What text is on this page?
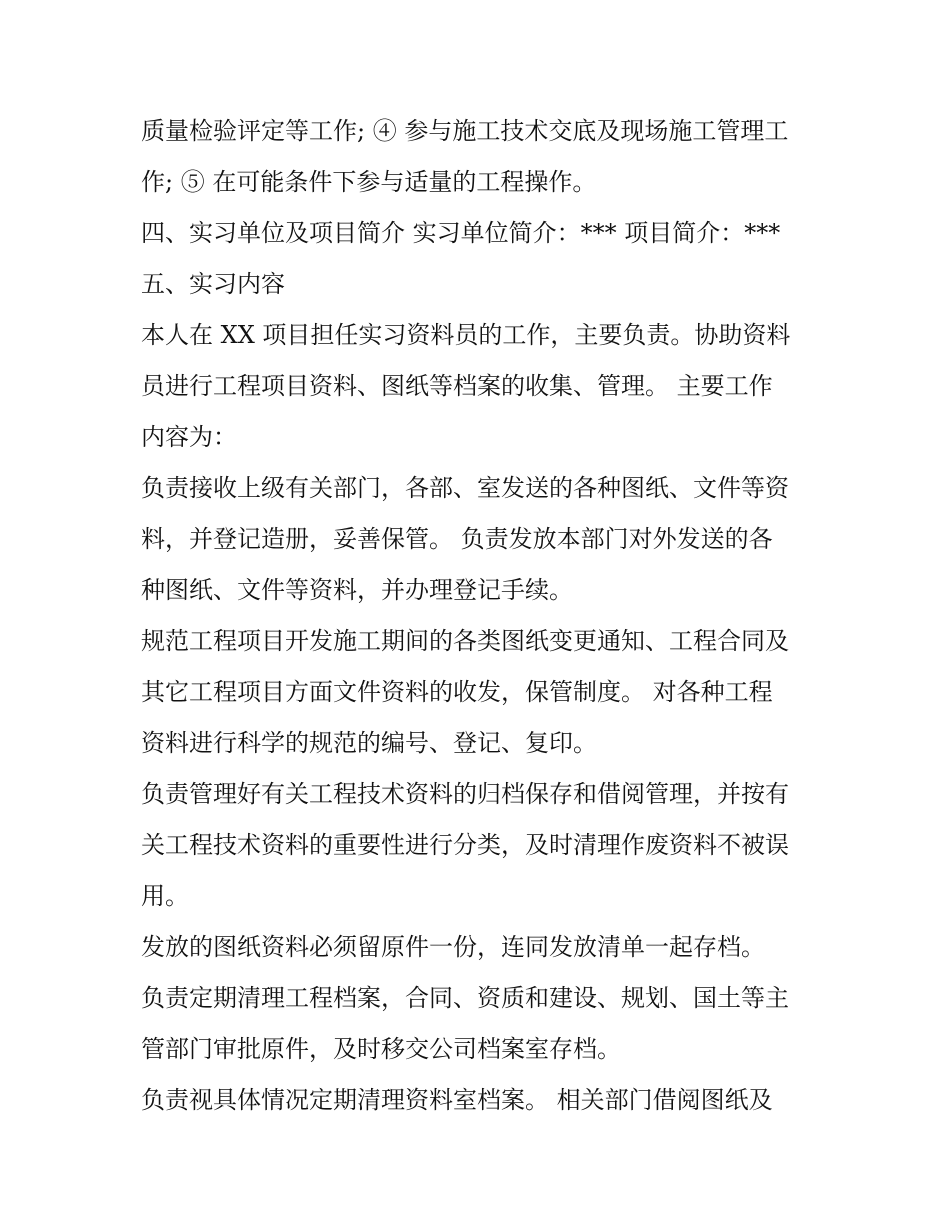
质量检验评定等工作; ④ 参与施工技术交底及现场施工管理工
作; ⑤ 在可能条件下参与适量的工程操作。
四、实习单位及项目简介 实习单位简介：*** 项目简介：***
五、实习内容
本人在 XX 项目担任实习资料员的工作，主要负责。协助资料
员进行工程项目资料、图纸等档案的收集、管理。 主要工作
内容为：
负责接收上级有关部门，各部、室发送的各种图纸、文件等资
料，并登记造册，妥善保管。 负责发放本部门对外发送的各
种图纸、文件等资料，并办理登记手续。
规范工程项目开发施工期间的各类图纸变更通知、工程合同及
其它工程项目方面文件资料的收发，保管制度。 对各种工程
资料进行科学的规范的编号、登记、复印。
负责管理好有关工程技术资料的归档保存和借阅管理，并按有
关工程技术资料的重要性进行分类，及时清理作废资料不被误
用。
发放的图纸资料必须留原件一份，连同发放清单一起存档。
负责定期清理工程档案，合同、资质和建设、规划、国土等主
管部门审批原件，及时移交公司档案室存档。
负责视具体情况定期清理资料室档案。 相关部门借阅图纸及
